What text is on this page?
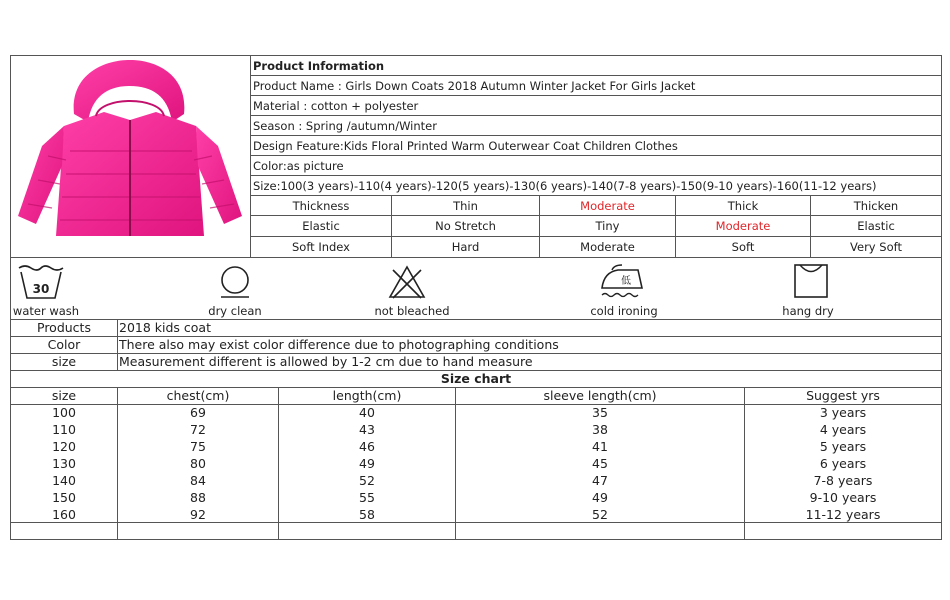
Product Information
Product Name : Girls Down Coats 2018 Autumn Winter Jacket For Girls Jacket
Material : cotton + polyester
Season : Spring /autumn/Winter
Design Feature:Kids Floral Printed Warm Outerwear Coat Children Clothes
Color:as picture
Size:100(3 years)-110(4 years)-120(5 years)-130(6 years)-140(7-8 years)-150(9-10 years)-160(11-12 years)
Thickness	Thin	Moderate	Thick	Thicken
Elastic	No Stretch	Tiny	Moderate	Elastic
Soft Index	Hard	Moderate	Soft	Very Soft
30
低
water wash	dry clean	not bleached	cold ironing	hang dry
Products	2018 kids coat
Color	There also may exist color difference due to photographing conditions
size	Measurement different is allowed by 1-2 cm due to hand measure
Size chart
size	chest(cm)	length(cm)	sleeve length(cm)	Suggest yrs
100	69	40	35	3 years
110	72	43	38	4 years
120	75	46	41	5 years
130	80	49	45	6 years
140	84	52	47	7-8 years
150	88	55	49	9-10 years
160	92	58	52	11-12 years
